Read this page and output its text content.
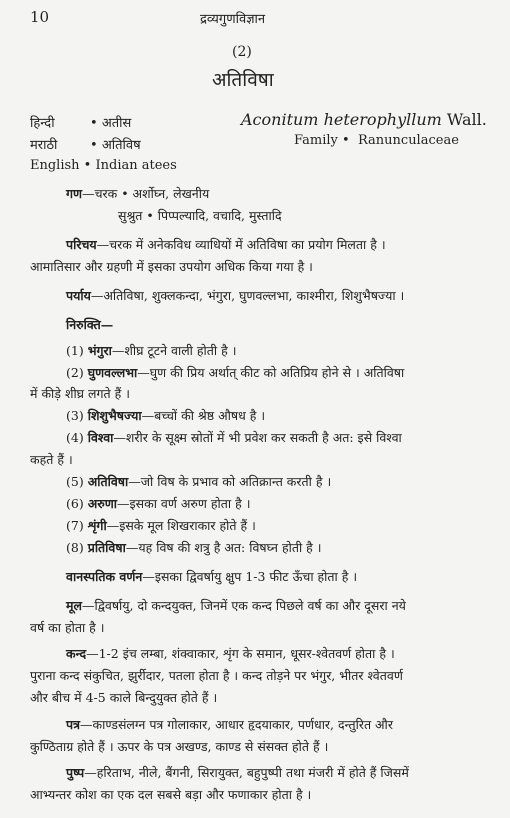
10	द्रव्यगुणविज्ञान
(2)
अतिविषा
हिन्दी	• अतीस
मराठी	• अतिविष
English • Indian atees
Aconitum heterophyllum Wall.
Family •  Ranunculaceae
गण—चरक • अर्शोघ्न, लेखनीय
सुश्रुत • पिप्पल्यादि, वचादि, मुस्तादि
परिचय—चरक में अनेकविध व्याधियों में अतिविषा का प्रयोग मिलता है ।
आमातिसार और ग्रहणी में इसका उपयोग अधिक किया गया है ।
पर्याय—अतिविषा, शुक्लकन्दा, भंगुरा, घुणवल्लभा, काश्मीरा, शिशुभैषज्या ।
निरुक्ति—
(1) भंगुरा—शीघ्र टूटने वाली होती है ।
(2) घुणवल्लभा—घुण की प्रिय अर्थात् कीट को अतिप्रिय होने से । अतिविषा
में कीड़े शीघ्र लगते हैं ।
(3) शिशुभैषज्या—बच्चों की श्रेष्ठ औषध है ।
(4) विश्वा—शरीर के सूक्ष्म स्रोतों में भी प्रवेश कर सकती है अत: इसे विश्वा
कहते हैं ।
(5) अतिविषा—जो विष के प्रभाव को अतिक्रान्त करती है ।
(6) अरुणा—इसका वर्ण अरुण होता है ।
(7) शृंगी—इसके मूल शिखराकार होते हैं ।
(8) प्रतिविषा—यह विष की शत्रु है अत: विषघ्न होती है ।
वानस्पतिक वर्णन—इसका द्विवर्षायु क्षुप 1-3 फीट ऊँचा होता है ।
मूल—द्विवर्षायु, दो कन्दयुक्त, जिनमें एक कन्द पिछले वर्ष का और दूसरा नये
वर्ष का होता है ।
कन्द—1-2 इंच लम्बा, शंक्वाकार, शृंग के समान, धूसर-श्वेतवर्ण होता है ।
पुराना कन्द संकुचित, झुर्रीदार, पतला होता है । कन्द तोड़ने पर भंगुर, भीतर श्वेतवर्ण
और बीच में 4-5 काले बिन्दुयुक्त होते हैं ।
पत्र—काण्डसंलग्न पत्र गोलाकार, आधार हृदयाकार, पर्णधार, दन्तुरित और
कुण्ठिताग्र होते हैं । ऊपर के पत्र अखण्ड, काण्ड से संसक्त होते हैं ।
पुष्प—हरिताभ, नीले, बैंगनी, सिरायुक्त, बहुपुष्पी तथा मंजरी में होते हैं जिसमें
आभ्यन्तर कोश का एक दल सबसे बड़ा और फणाकार होता है ।
